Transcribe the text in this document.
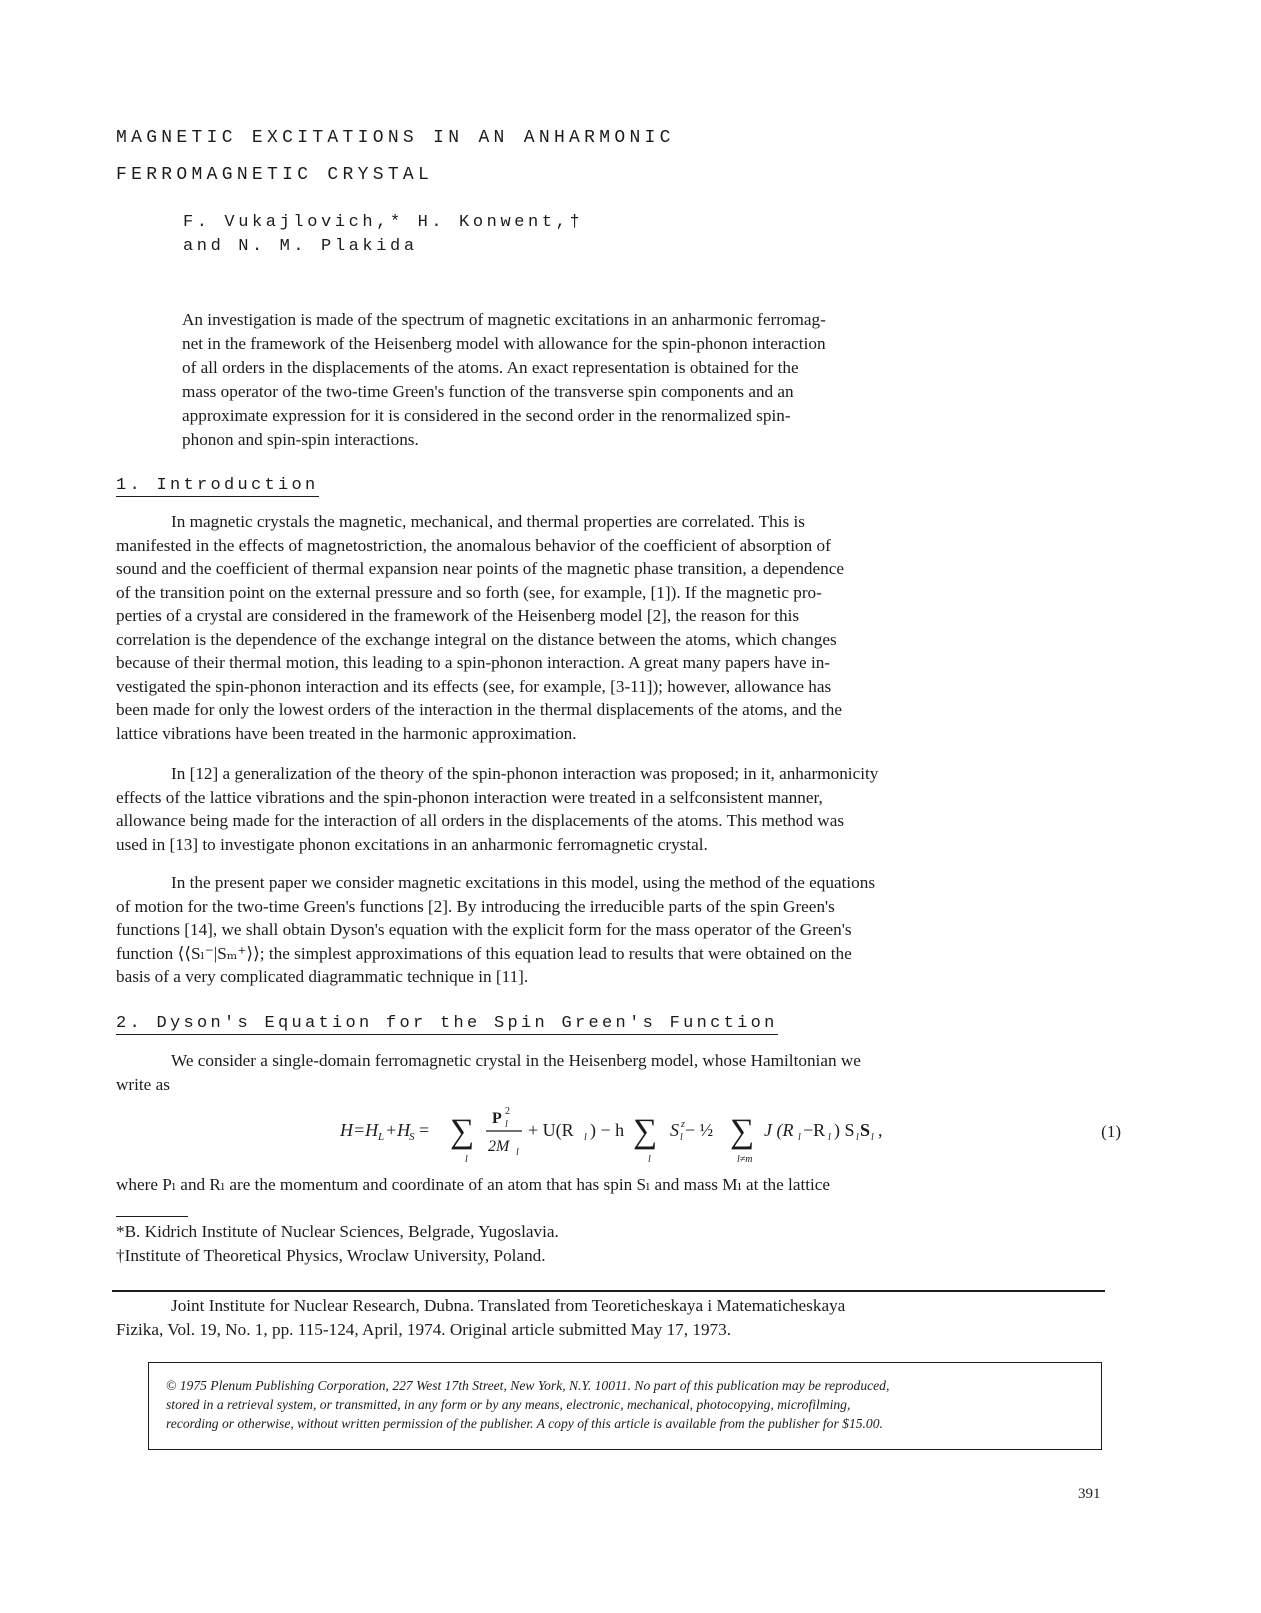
MAGNETIC EXCITATIONS IN AN ANHARMONIC
FERROMAGNETIC CRYSTAL
F. Vukajlovich,* H. Konwent,†
and N. M. Plakida

An investigation is made of the spectrum of magnetic excitations in an anharmonic ferromag-

net in the framework of the Heisenberg model with allowance for the spin-phonon interaction

of all orders in the displacements of the atoms. An exact representation is obtained for the

mass operator of the two-time Green's function of the transverse spin components and an

approximate expression for it is considered in the second order in the renormalized spin-

phonon and spin-spin interactions.

1. Introduction
In magnetic crystals the magnetic, mechanical, and thermal properties are correlated. This is
manifested in the effects of magnetostriction, the anomalous behavior of the coefficient of absorption of
sound and the coefficient of thermal expansion near points of the magnetic phase transition, a dependence
of the transition point on the external pressure and so forth (see, for example, [1]). If the magnetic pro-
perties of a crystal are considered in the framework of the Heisenberg model [2], the reason for this
correlation is the dependence of the exchange integral on the distance between the atoms, which changes
because of their thermal motion, this leading to a spin-phonon interaction. A great many papers have in-
vestigated the spin-phonon interaction and its effects (see, for example, [3-11]); however, allowance has
been made for only the lowest orders of the interaction in the thermal displacements of the atoms, and the
lattice vibrations have been treated in the harmonic approximation.
In [12] a generalization of the theory of the spin-phonon interaction was proposed; in it, anharmonicity
effects of the lattice vibrations and the spin-phonon interaction were treated in a selfconsistent manner,
allowance being made for the interaction of all orders in the displacements of the atoms. This method was
used in [13] to investigate phonon excitations in an anharmonic ferromagnetic crystal.
In the present paper we consider magnetic excitations in this model, using the method of the equations
of motion for the two-time Green's functions [2]. By introducing the irreducible parts of the spin Green's
functions [14], we shall obtain Dyson's equation with the explicit form for the mass operator of the Green's
function ⟨⟨Sₗ⁻|Sₘ⁺⟩⟩; the simplest approximations of this equation lead to results that were obtained on the
basis of a very complicated diagrammatic technique in [11].
2. Dyson's Equation for the Spin Green's Function
We consider a single-domain ferromagnetic crystal in the Heisenberg model, whose Hamiltonian we
write as
H=H L +H
S = ∑
l
P l
2
2M l
+ U(R l ) − h ∑
l
S l
z − ½ ∑
l≠m
J (R l −R l ) S l S l ,	(1)
where Pₗ and Rₗ are the momentum and coordinate of an atom that has spin Sₗ and mass Mₗ at the lattice
*B. Kidrich Institute of Nuclear Sciences, Belgrade, Yugoslavia.
†Institute of Theoretical Physics, Wroclaw University, Poland.
Joint Institute for Nuclear Research, Dubna. Translated from Teoreticheskaya i Matematicheskaya
Fizika, Vol. 19, No. 1, pp. 115-124, April, 1974. Original article submitted May 17, 1973.
© 1975 Plenum Publishing Corporation, 227 West 17th Street, New York, N.Y. 10011. No part of this publication may be reproduced,
stored in a retrieval system, or transmitted, in any form or by any means, electronic, mechanical, photocopying, microfilming,
recording or otherwise, without written permission of the publisher. A copy of this article is available from the publisher for $15.00.
391
